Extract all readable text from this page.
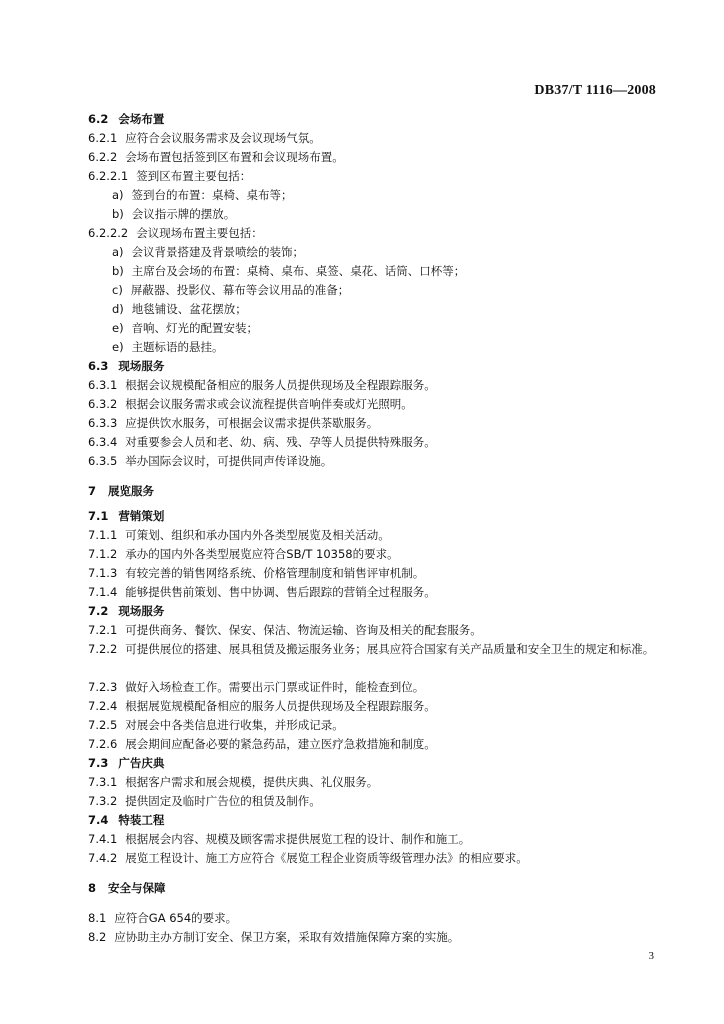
DB37/T 1116—2008
6.2 会场布置
6.2.1 应符合会议服务需求及会议现场气氛。
6.2.2 会场布置包括签到区布置和会议现场布置。
6.2.2.1 签到区布置主要包括：
a) 签到台的布置：桌椅、桌布等；
b) 会议指示牌的摆放。
6.2.2.2 会议现场布置主要包括：
a) 会议背景搭建及背景喷绘的装饰；
b) 主席台及会场的布置：桌椅、桌布、桌签、桌花、话筒、口杯等；
c) 屏蔽器、投影仪、幕布等会议用品的准备；
d) 地毯铺设、盆花摆放；
e) 音响、灯光的配置安装；
e) 主题标语的悬挂。
6.3 现场服务
6.3.1 根据会议规模配备相应的服务人员提供现场及全程跟踪服务。
6.3.2 根据会议服务需求或会议流程提供音响伴奏或灯光照明。
6.3.3 应提供饮水服务，可根据会议需求提供茶歇服务。
6.3.4 对重要参会人员和老、幼、病、残、孕等人员提供特殊服务。
6.3.5 举办国际会议时，可提供同声传译设施。
7 展览服务
7.1 营销策划
7.1.1 可策划、组织和承办国内外各类型展览及相关活动。
7.1.2 承办的国内外各类型展览应符合SB/T 10358的要求。
7.1.3 有较完善的销售网络系统、价格管理制度和销售评审机制。
7.1.4 能够提供售前策划、售中协调、售后跟踪的营销全过程服务。
7.2 现场服务
7.2.1 可提供商务、餐饮、保安、保洁、物流运输、咨询及相关的配套服务。
7.2.2 可提供展位的搭建、展具租赁及搬运服务业务；展具应符合国家有关产品质量和安全卫生的规定和标准。
7.2.3 做好入场检查工作。需要出示门票或证件时，能检查到位。
7.2.4 根据展览规模配备相应的服务人员提供现场及全程跟踪服务。
7.2.5 对展会中各类信息进行收集，并形成记录。
7.2.6 展会期间应配备必要的紧急药品，建立医疗急救措施和制度。
7.3 广告庆典
7.3.1 根据客户需求和展会规模，提供庆典、礼仪服务。
7.3.2 提供固定及临时广告位的租赁及制作。
7.4 特装工程
7.4.1 根据展会内容、规模及顾客需求提供展览工程的设计、制作和施工。
7.4.2 展览工程设计、施工方应符合《展览工程企业资质等级管理办法》的相应要求。
8 安全与保障
8.1 应符合GA 654的要求。
8.2 应协助主办方制订安全、保卫方案，采取有效措施保障方案的实施。
3
